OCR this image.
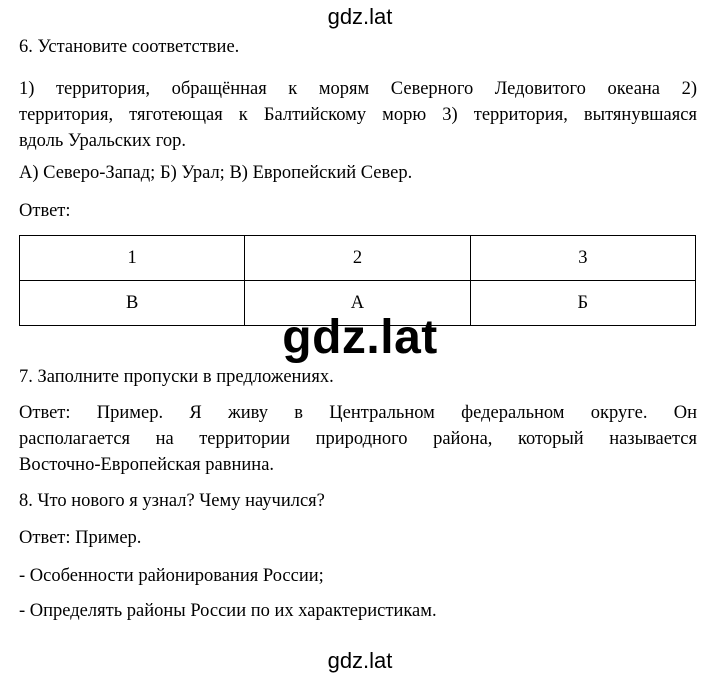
gdz.lat
6. Установите соответствие.
1) территория, обращённая к морям Северного Ледовитого океана 2)
территория, тяготеющая к Балтийскому морю 3) территория, вытянувшаяся
вдоль Уральских гор.
А) Северо-Запад; Б) Урал; В) Европейский Север.
Ответ:
1	2	3
В	А	Б
gdz.lat
7. Заполните пропуски в предложениях.
Ответ: Пример. Я живу в Центральном федеральном округе. Он
располагается на территории природного района, который называется
Восточно-Европейская равнина.
8. Что нового я узнал? Чему научился?
Ответ: Пример.
- Особенности районирования России;
- Определять районы России по их характеристикам.
gdz.lat
